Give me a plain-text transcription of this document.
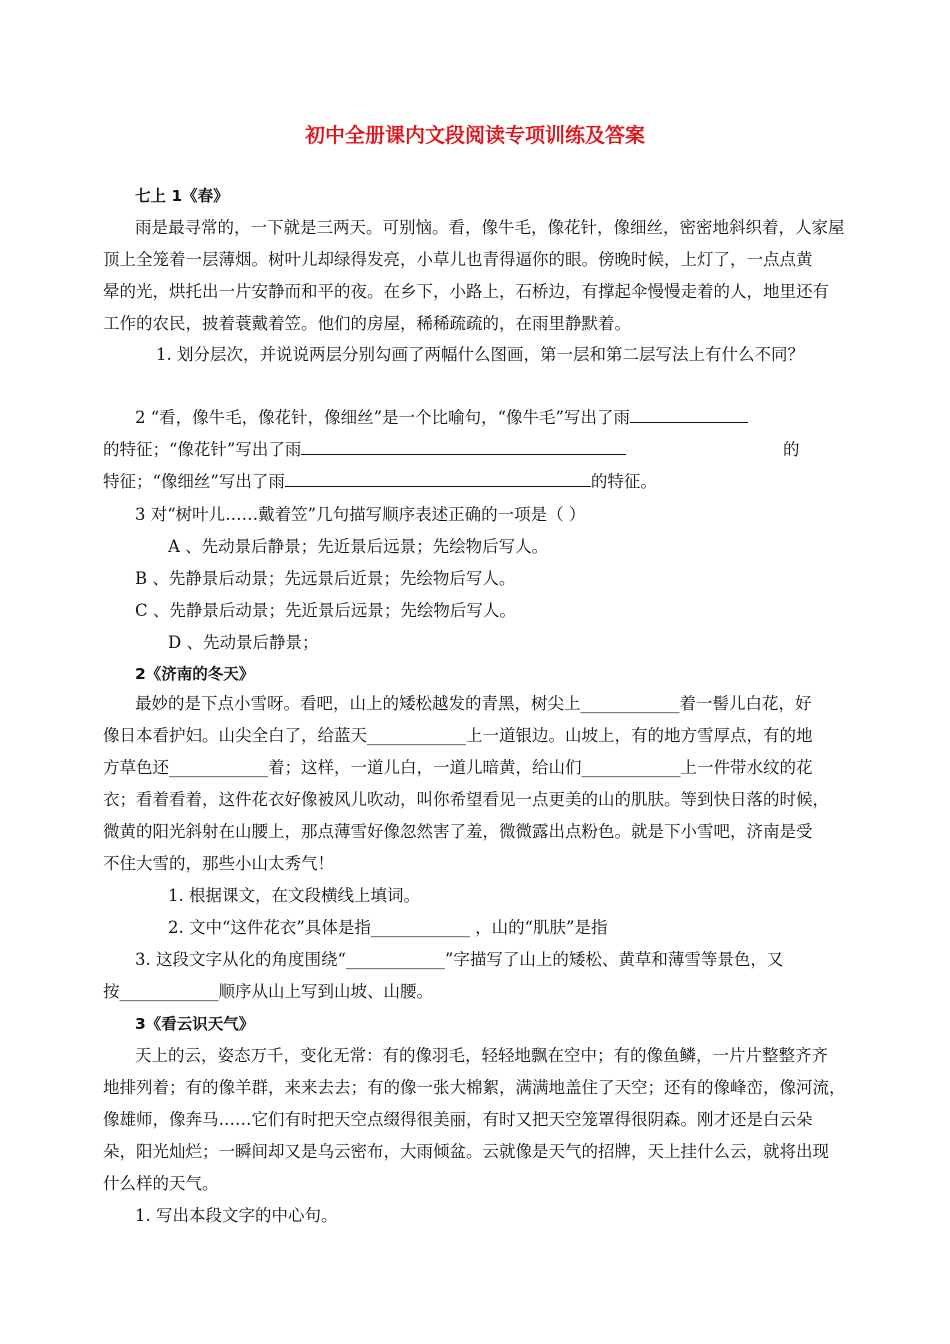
初中全册课内文段阅读专项训练及答案
七上 1《春》
雨是最寻常的，一下就是三两天。可别恼。看，像牛毛，像花针，像细丝，密密地斜织着，人家屋
顶上全笼着一层薄烟。树叶儿却绿得发亮，小草儿也青得逼你的眼。傍晚时候，上灯了，一点点黄
晕的光，烘托出一片安静而和平的夜。在乡下，小路上，石桥边，有撑起伞慢慢走着的人，地里还有
工作的农民，披着蓑戴着笠。他们的房屋，稀稀疏疏的，在雨里静默着。
1. 划分层次，并说说两层分别勾画了两幅什么图画，第一层和第二层写法上有什么不同？
2 “看，像牛毛，像花针，像细丝”是一个比喻句，“像牛毛”写出了雨
的特征；“像花针”写出了雨	的
特征；“像细丝”写出了雨	的特征。
3 对“树叶儿……戴着笠”几句描写顺序表述正确的一项是（ ）
A 、先动景后静景；先近景后远景；先绘物后写人。
B 、先静景后动景；先远景后近景；先绘物后写人。
C 、先静景后动景；先近景后远景；先绘物后写人。
D 、先动景后静景；
2《济南的冬天》
最妙的是下点小雪呀。看吧，山上的矮松越发的青黑，树尖上____________着一髻儿白花，好
像日本看护妇。山尖全白了，给蓝天____________上一道银边。山坡上，有的地方雪厚点，有的地
方草色还____________着；这样，一道儿白，一道儿暗黄，给山们____________上一件带水纹的花
衣；看着看着，这件花衣好像被风儿吹动，叫你希望看见一点更美的山的肌肤。等到快日落的时候，
微黄的阳光斜射在山腰上，那点薄雪好像忽然害了羞，微微露出点粉色。就是下小雪吧，济南是受
不住大雪的，那些小山太秀气！
1. 根据课文，在文段横线上填词。
2. 文中“这件花衣”具体是指____________ ，山的“肌肤”是指
3. 这段文字从化的角度围绕“____________”字描写了山上的矮松、黄草和薄雪等景色，又
按____________顺序从山上写到山坡、山腰。
3《看云识天气》
天上的云，姿态万千，变化无常：有的像羽毛，轻轻地飘在空中；有的像鱼鳞，一片片整整齐齐
地排列着；有的像羊群，来来去去；有的像一张大棉絮，满满地盖住了天空；还有的像峰峦，像河流，
像雄师，像奔马……它们有时把天空点缀得很美丽，有时又把天空笼罩得很阴森。刚才还是白云朵
朵，阳光灿烂；一瞬间却又是乌云密布，大雨倾盆。云就像是天气的招牌，天上挂什么云，就将出现
什么样的天气。
1. 写出本段文字的中心句。
